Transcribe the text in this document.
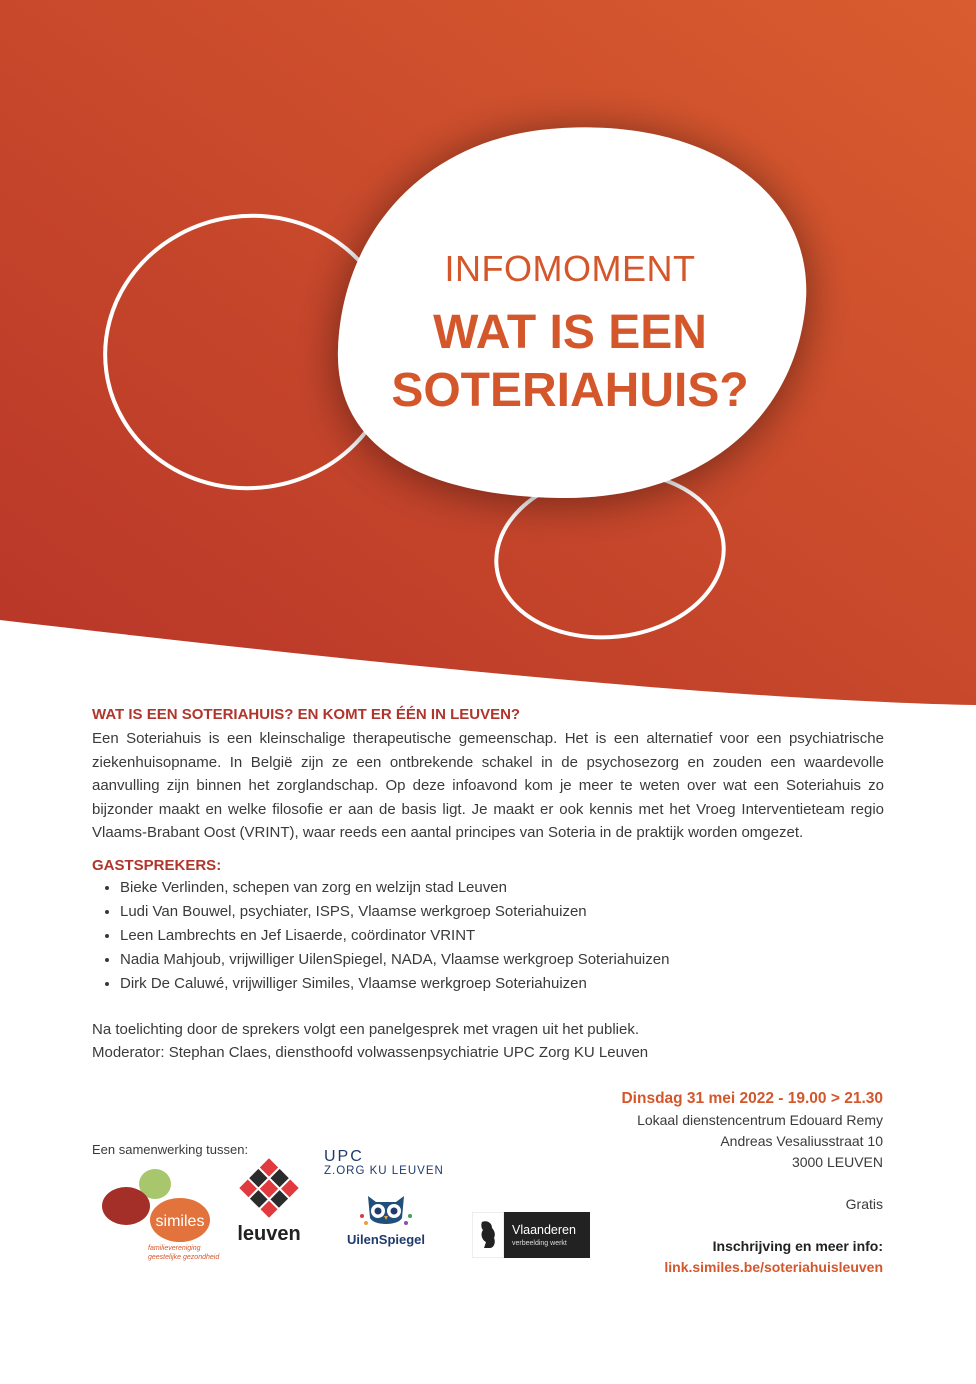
INFOMOMENT
WAT IS EEN
SOTERIAHUIS?
WAT IS EEN SOTERIAHUIS? EN KOMT ER ÉÉN IN LEUVEN?

Een Soteriahuis is een kleinschalige therapeutische gemeenschap. Het is een alternatief voor een psychiatrische ziekenhuisopname. In België zijn ze een ontbrekende schakel in de psychosezorg en zouden een waardevolle aanvulling zijn binnen het zorglandschap. Op deze infoavond kom je meer te weten over wat een Soteriahuis zo bijzonder maakt en welke filosofie er aan de basis ligt. Je maakt er ook kennis met het Vroeg Interventieteam regio Vlaams-Brabant Oost (VRINT), waar reeds een aantal principes van Soteria in de praktijk worden omgezet.

GASTSPREKERS:
• Bieke Verlinden, schepen van zorg en welzijn stad Leuven
• Ludi Van Bouwel, psychiater, ISPS, Vlaamse werkgroep Soteriahuizen
• Leen Lambrechts en Jef Lisaerde, coördinator VRINT
• Nadia Mahjoub, vrijwilliger UilenSpiegel, NADA, Vlaamse werkgroep Soteriahuizen
• Dirk De Caluwé, vrijwilliger Similes, Vlaamse werkgroep Soteriahuizen
Na toelichting door de sprekers volgt een panelgesprek met vragen uit het publiek.
Moderator: Stephan Claes, diensthoofd volwassenpsychiatrie UPC Zorg KU Leuven
Dinsdag 31 mei 2022 - 19.00 > 21.30
Lokaal dienstencentrum Edouard Remy
Andreas Vesaliusstraat 10
3000 LEUVEN
Gratis
Inschrijving en meer info:
link.similes.be/soteriahuisleuven
Een samenwerking tussen:
similes
familievereniging
geestelijke gezondheid
leuven
UPC
Z.ORG KU LEUVEN
UilenSpiegel
Vlaanderen
verbeelding werkt
